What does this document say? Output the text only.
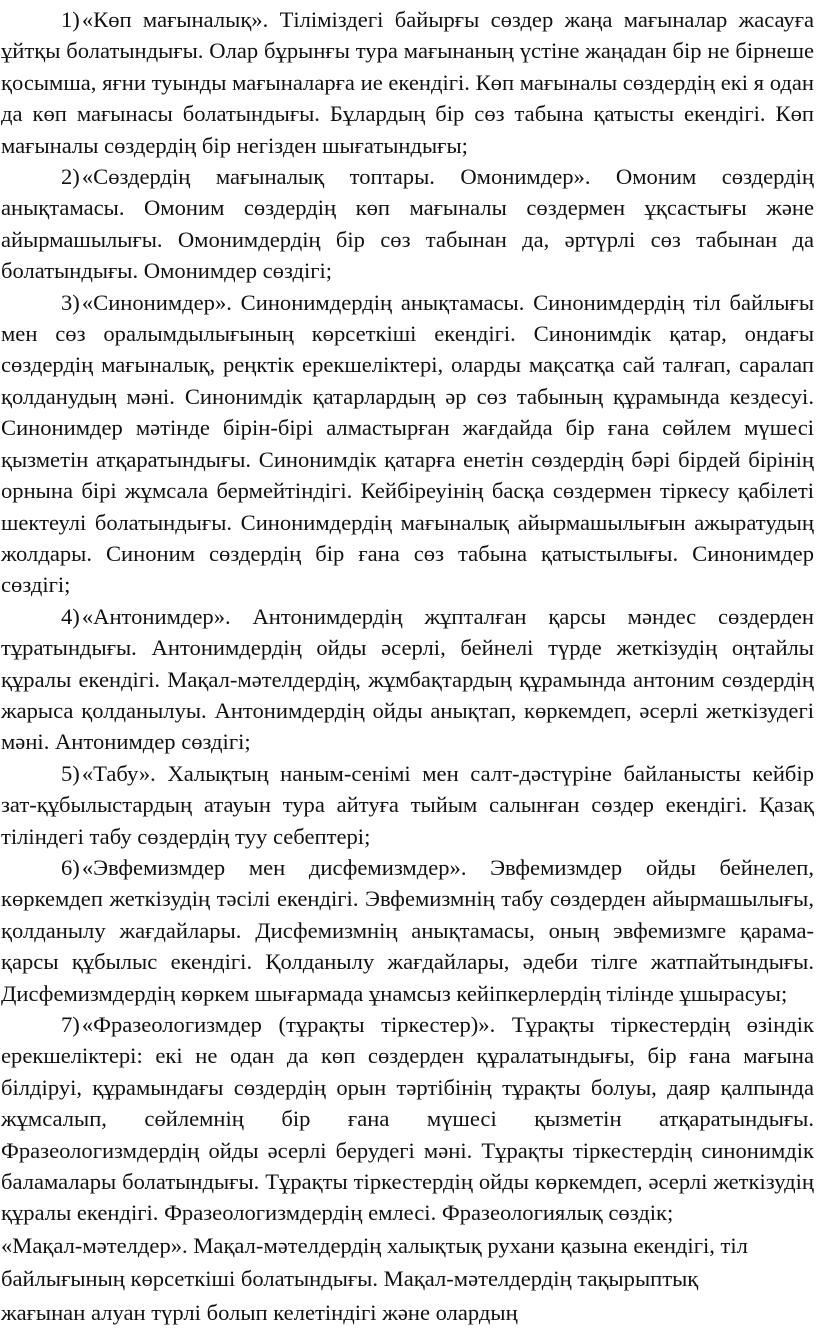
1)«Көп мағыналық». Тіліміздегі байырғы сөздер жаңа мағыналар жасауға ұйтқы болатындығы. Олар бұрынғы тура мағынаның үстіне жаңадан бір не бірнеше қосымша, яғни туынды мағыналарға ие екендігі. Көп мағыналы сөздердің екі я одан да көп мағынасы болатындығы. Бұлардың бір сөз табына қатысты екендігі. Көп мағыналы сөздердің бір негізден шығатындығы;

2)«Сөздердің мағыналық топтары. Омонимдер». Омоним сөздердің анықтамасы. Омоним сөздердің көп мағыналы сөздермен ұқсастығы және айырмашылығы. Омонимдердің бір сөз табынан да, әртүрлі сөз табынан да болатындығы. Омонимдер сөздігі;

3)«Синонимдер». Синонимдердің анықтамасы. Синонимдердің тіл байлығы мен сөз оралымдылығының көрсеткіші екендігі. Синонимдік қатар, ондағы сөздердің мағыналық, реңктік ерекшеліктері, оларды мақсатқа сай талғап, саралап қолданудың мәні. Синонимдік қатарлардың әр сөз табының құрамында кездесуі. Синонимдер мәтінде бірін-бірі алмастырған жағдайда бір ғана сөйлем мүшесі қызметін атқаратындығы. Синонимдік қатарға енетін сөздердің бәрі бірдей бірінің орнына бірі жұмсала бермейтіндігі. Кейбіреуінің басқа сөздермен тіркесу қабілеті шектеулі болатындығы. Синонимдердің мағыналық айырмашылығын ажыратудың жолдары. Синоним сөздердің бір ғана сөз табына қатыстылығы. Синонимдер сөздігі;

4)«Антонимдер». Антонимдердің жұпталған қарсы мәндес сөздерден тұратындығы. Антонимдердің ойды әсерлі, бейнелі түрде жеткізудің оңтайлы құралы екендігі. Мақал-мәтелдердің, жұмбақтардың құрамында антоним сөздердің жарыса қолданылуы. Антонимдердің ойды анықтап, көркемдеп, әсерлі жеткізудегі мәні. Антонимдер сөздігі;

5)«Табу». Халықтың наным-сенімі мен салт-дәстүріне байланысты кейбір зат-құбылыстардың атауын тура айтуға тыйым салынған сөздер екендігі. Қазақ тіліндегі табу сөздердің туу себептері;

6)«Эвфемизмдер мен дисфемизмдер». Эвфемизмдер ойды бейнелеп, көркемдеп жеткізудің тәсілі екендігі. Эвфемизмнің табу сөздерден айырмашылығы, қолданылу жағдайлары. Дисфемизмнің анықтамасы, оның эвфемизмге қарама-қарсы құбылыс екендігі. Қолданылу жағдайлары, әдеби тілге жатпайтындығы. Дисфемизмдердің көркем шығармада ұнамсыз кейіпкерлердің тілінде ұшырасуы;

7)«Фразеологизмдер (тұрақты тіркестер)». Тұрақты тіркестердің өзіндік ерекшеліктері: екі не одан да көп сөздерден құралатындығы, бір ғана мағына білдіруі, құрамындағы сөздердің орын тәртібінің тұрақты болуы, даяр қалпында жұмсалып, сөйлемнің бір ғана мүшесі қызметін атқаратындығы. Фразеологизмдердің ойды әсерлі берудегі мәні. Тұрақты тіркестердің синонимдік баламалары болатындығы. Тұрақты тіркестердің ойды көркемдеп, әсерлі жеткізудің құралы екендігі. Фразеологизмдердің емлесі. Фразеологиялық сөздік;

«Мақал-мәтелдер». Мақал-мәтелдердің халықтық рухани қазына екендігі, тіл

байлығының көрсеткіші болатындығы. Мақал-мәтелдердің тақырыптық

жағынан алуан түрлі болып келетіндігі және олардың
